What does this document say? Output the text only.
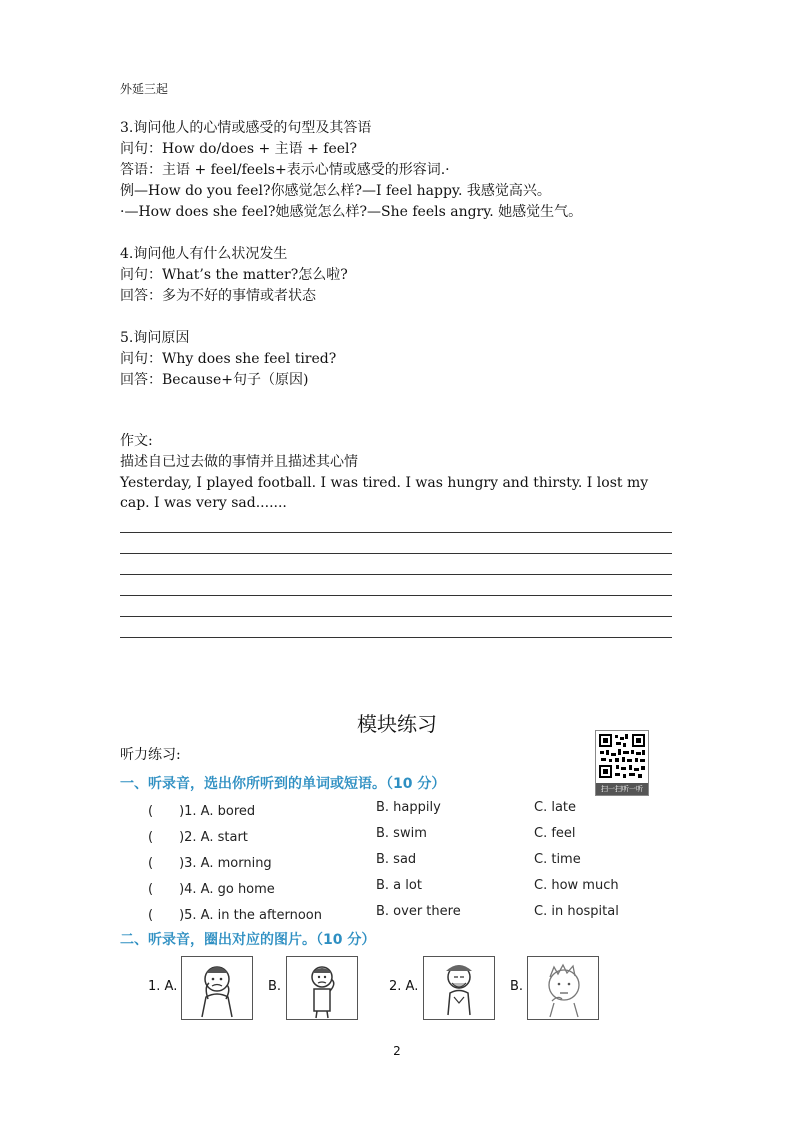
外延三起
3.询问他人的心情或感受的句型及其答语
问句：How do/does + 主语 + feel?
答语：主语 + feel/feels+表示心情或感受的形容词.·
例—How do you feel?你感觉怎么样?—I feel happy. 我感觉高兴。
·—How does she feel?她感觉怎么样?—She feels angry. 她感觉生气。
4.询问他人有什么状况发生
问句：What’s the matter?怎么啦?
回答：多为不好的事情或者状态
5.询问原因
问句：Why does she feel tired?
回答：Because+句子（原因)
作文:
描述自已过去做的事情并且描述其心情
Yesterday, I played football. I was tired. I was hungry and thirsty. I lost my cap. I was very sad.......
模块练习
听力练习:
扫一扫听一听
一、听录音，选出你所听到的单词或短语。（10 分）
(　　)1. A. bored	B. happily	C. late
(　　)2. A. start	B. swim	C. feel
(　　)3. A. morning	B. sad	C. time
(　　)4. A. go home	B. a lot	C. how much
(　　)5. A. in the afternoon	B. over there	C. in hospital
二、听录音，圈出对应的图片。（10 分）
1. A.	B.	2. A.	B.
2
